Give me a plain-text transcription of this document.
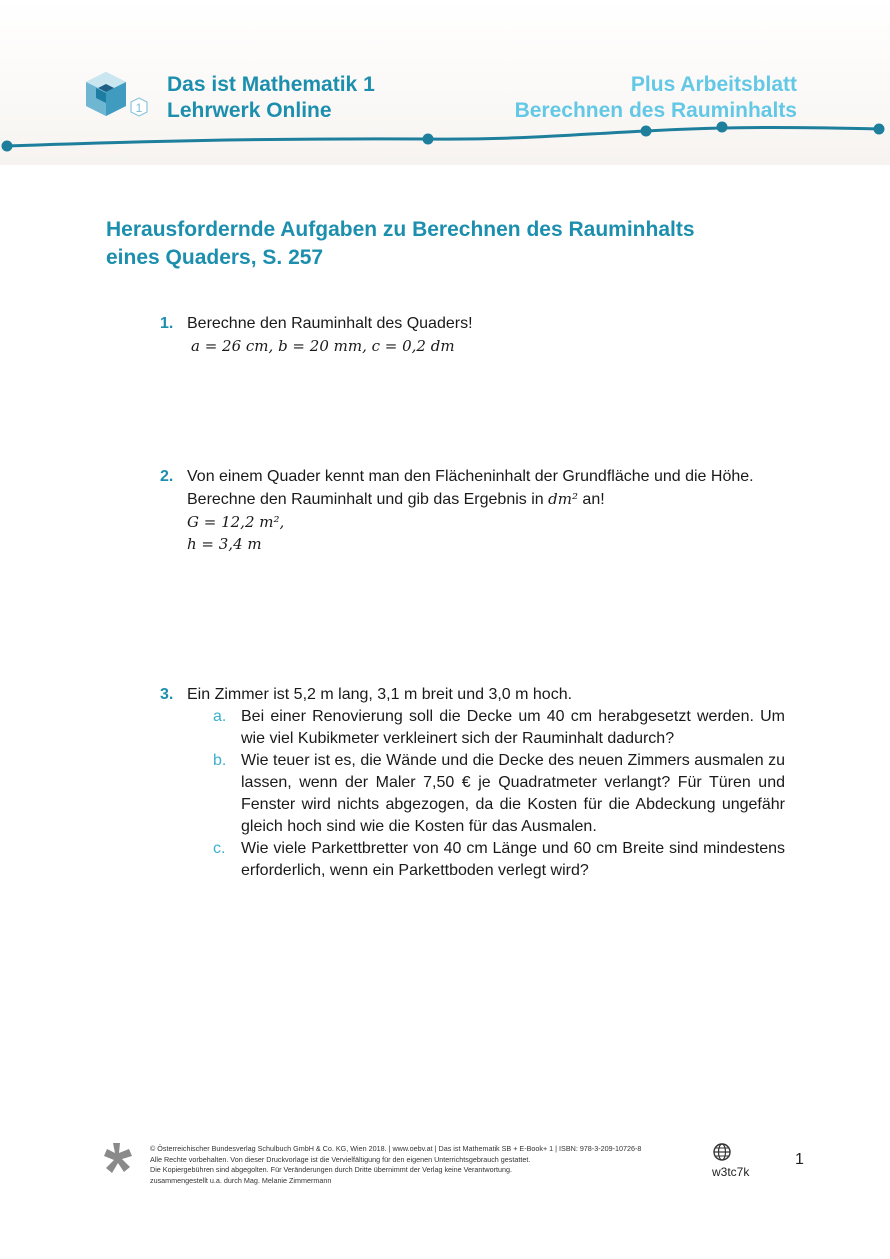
1
Das ist Mathematik 1
Lehrwerk Online
Plus Arbeitsblatt
Berechnen des Rauminhalts
Herausfordernde Aufgaben zu Berechnen des Rauminhalts
eines Quaders, S. 257
1. Berechne den Rauminhalt des Quaders!
a = 26 cm, b = 20 mm, c = 0,2 dm
2. Von einem Quader kennt man den Flächeninhalt der Grundfläche und die Höhe.
Berechne den Rauminhalt und gib das Ergebnis in dm² an!
G = 12,2 m²,
h = 3,4 m
3. Ein Zimmer ist 5,2 m lang, 3,1 m breit und 3,0 m hoch.
a. Bei einer Renovierung soll die Decke um 40 cm herabgesetzt werden. Um wie viel Kubikmeter verkleinert sich der Rauminhalt dadurch?
b. Wie teuer ist es, die Wände und die Decke des neuen Zimmers ausmalen zu lassen, wenn der Maler 7,50 € je Quadratmeter verlangt? Für Türen und Fenster wird nichts abgezogen, da die Kosten für die Abdeckung ungefähr gleich hoch sind wie die Kosten für das Ausmalen.
c. Wie viele Parkettbretter von 40 cm Länge und 60 cm Breite sind mindestens erforderlich, wenn ein Parkettboden verlegt wird?
© Österreichischer Bundesverlag Schulbuch GmbH & Co. KG, Wien 2018. | www.oebv.at | Das ist Mathematik SB + E-Book+ 1 | ISBN: 978-3-209-10726-8
Alle Rechte vorbehalten. Von dieser Druckvorlage ist die Vervielfältigung für den eigenen Unterrichtsgebrauch gestattet.
Die Kopiergebühren sind abgegolten. Für Veränderungen durch Dritte übernimmt der Verlag keine Verantwortung.
zusammengestellt u.a. durch Mag. Melanie Zimmermann
w3tc7k
1
